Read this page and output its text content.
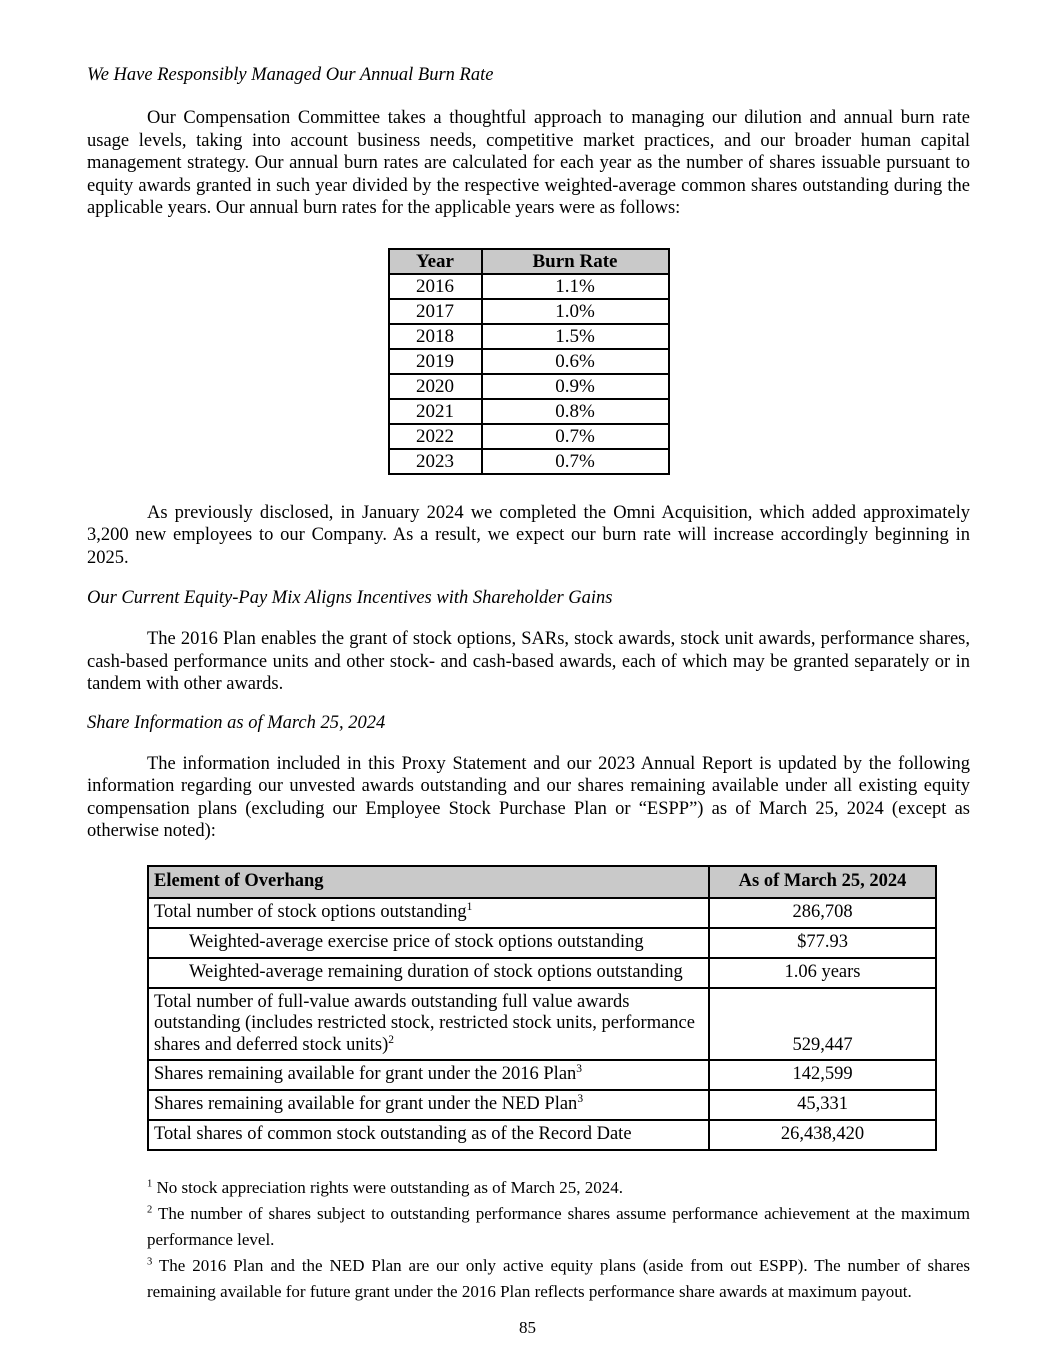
We Have Responsibly Managed Our Annual Burn Rate

Our Compensation Committee takes a thoughtful approach to managing our dilution and annual burn rate usage levels, taking into account business needs, competitive market practices, and our broader human capital management strategy. Our annual burn rates are calculated for each year as the number of shares issuable pursuant to equity awards granted in such year divided by the respective weighted-average common shares outstanding during the applicable years. Our annual burn rates for the applicable years were as follows:

Year	Burn Rate
2016	1.1%
2017	1.0%
2018	1.5%
2019	0.6%
2020	0.9%
2021	0.8%
2022	0.7%
2023	0.7%

As previously disclosed, in January 2024 we completed the Omni Acquisition, which added approximately 3,200 new employees to our Company. As a result, we expect our burn rate will increase accordingly beginning in 2025.

Our Current Equity-Pay Mix Aligns Incentives with Shareholder Gains

The 2016 Plan enables the grant of stock options, SARs, stock awards, stock unit awards, performance shares, cash-based performance units and other stock- and cash-based awards, each of which may be granted separately or in tandem with other awards.

Share Information as of March 25, 2024

The information included in this Proxy Statement and our 2023 Annual Report is updated by the following information regarding our unvested awards outstanding and our shares remaining available under all existing equity compensation plans (excluding our Employee Stock Purchase Plan or “ESPP”) as of March 25, 2024 (except as otherwise noted):

Element of Overhang	As of March 25, 2024
Total number of stock options outstanding$^1$	286,708
Weighted-average exercise price of stock options outstanding	$77.93
Weighted-average remaining duration of stock options outstanding	1.06 years
Total number of full-value awards outstanding full value awards outstanding (includes restricted stock, restricted stock units, performance shares and deferred stock units)$^2$	529,447
Shares remaining available for grant under the 2016 Plan$^3$	142,599
Shares remaining available for grant under the NED Plan$^3$	45,331
Total shares of common stock outstanding as of the Record Date	26,438,420
$^1$ No stock appreciation rights were outstanding as of March 25, 2024.
$^2$ The number of shares subject to outstanding performance shares assume performance achievement at the maximum performance level.
$^3$ The 2016 Plan and the NED Plan are our only active equity plans (aside from out ESPP). The number of shares remaining available for future grant under the 2016 Plan reflects performance share awards at maximum payout.
85
